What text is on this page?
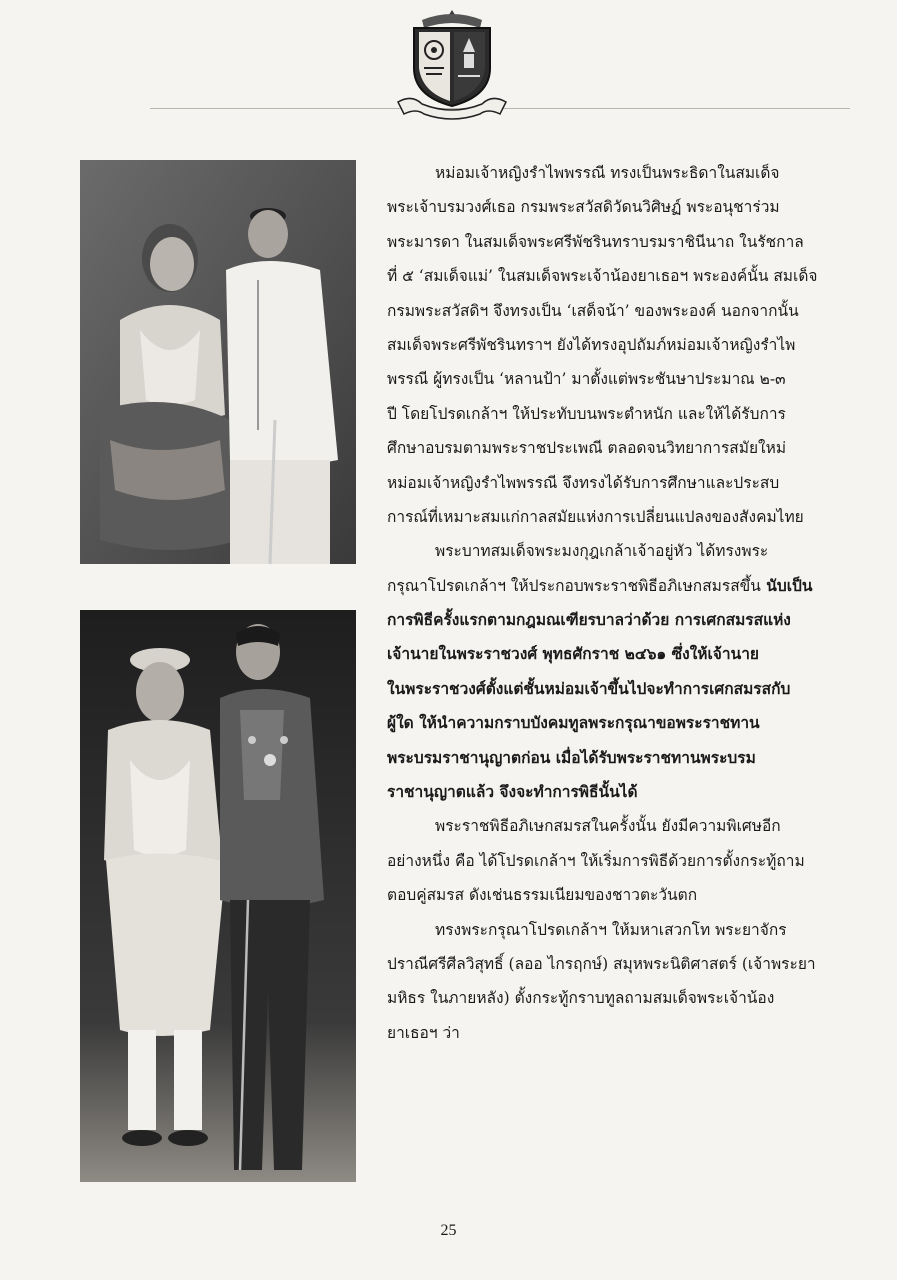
หม่อมเจ้าหญิงรำไพพรรณี ทรงเป็นพระธิดาในสมเด็จ
พระเจ้าบรมวงศ์เธอ กรมพระสวัสดิวัดนวิศิษฏ์ พระอนุชาร่วม
พระมารดา ในสมเด็จพระศรีพัชรินทราบรมราชินีนาถ ในรัชกาล
ที่ ๕ ‘สมเด็จแม่’ ในสมเด็จพระเจ้าน้องยาเธอฯ พระองค์นั้น สมเด็จ
กรมพระสวัสดิฯ จึงทรงเป็น ‘เสด็จน้า’ ของพระองค์ นอกจากนั้น
สมเด็จพระศรีพัชรินทราฯ ยังได้ทรงอุปถัมภ์หม่อมเจ้าหญิงรำไพ
พรรณี ผู้ทรงเป็น ‘หลานป้า’ มาตั้งแต่พระชันษาประมาณ ๒-๓
ปี โดยโปรดเกล้าฯ ให้ประทับบนพระตำหนัก และให้ได้รับการ
ศึกษาอบรมตามพระราชประเพณี ตลอดจนวิทยาการสมัยใหม่
หม่อมเจ้าหญิงรำไพพรรณี จึงทรงได้รับการศึกษาและประสบ
การณ์ที่เหมาะสมแก่กาลสมัยแห่งการเปลี่ยนแปลงของสังคมไทย

พระบาทสมเด็จพระมงกุฎเกล้าเจ้าอยู่หัว ได้ทรงพระ
กรุณาโปรดเกล้าฯ ให้ประกอบพระราชพิธีอภิเษกสมรสขึ้น นับเป็น

การพิธีครั้งแรกตามกฎมณเฑียรบาลว่าด้วย การเศกสมรสแห่ง
เจ้านายในพระราชวงศ์ พุทธศักราช ๒๔๖๑ ซึ่งให้เจ้านาย
ในพระราชวงศ์ตั้งแต่ชั้นหม่อมเจ้าขึ้นไปจะทำการเศกสมรสกับ
ผู้ใด ให้นำความกราบบังคมทูลพระกรุณาขอพระราชทาน
พระบรมราชานุญาตก่อน เมื่อได้รับพระราชทานพระบรม
ราชานุญาตแล้ว จึงจะทำการพิธีนั้นได้

พระราชพิธีอภิเษกสมรสในครั้งนั้น ยังมีความพิเศษอีก
อย่างหนึ่ง คือ ได้โปรดเกล้าฯ ให้เริ่มการพิธีด้วยการตั้งกระทู้ถาม
ตอบคู่สมรส ดังเช่นธรรมเนียมของชาวตะวันตก

ทรงพระกรุณาโปรดเกล้าฯ ให้มหาเสวกโท พระยาจักร
ปราณีศรีศีลวิสุทธิ์ (ลออ ไกรฤกษ์) สมุหพระนิติศาสตร์ (เจ้าพระยา
มหิธร ในภายหลัง) ตั้งกระทู้กราบทูลถามสมเด็จพระเจ้าน้อง
ยาเธอฯ ว่า

25
